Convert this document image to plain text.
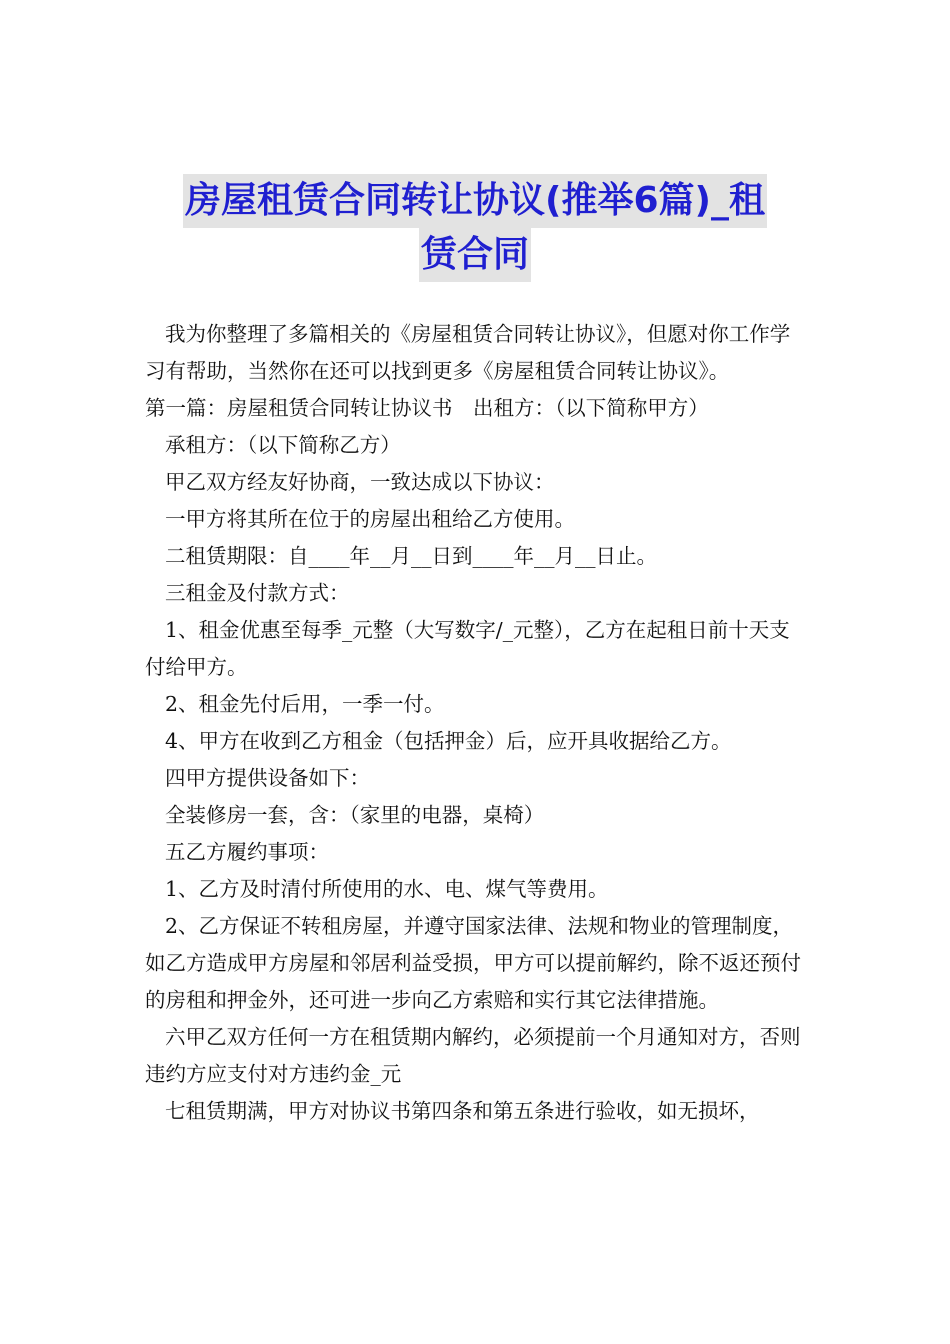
房屋租赁合同转让协议(推举6篇)_租
赁合同

我为你整理了多篇相关的《房屋租赁合同转让协议》，但愿对你工作学习有帮助，当然你在还可以找到更多《房屋租赁合同转让协议》。

第一篇：房屋租赁合同转让协议书　出租方：（以下简称甲方）

承租方：（以下简称乙方）

甲乙双方经友好协商，一致达成以下协议：

一甲方将其所在位于的房屋出租给乙方使用。

二租赁期限：自____年__月__日到____年__月__日止。

三租金及付款方式：

1、租金优惠至每季_元整（大写数字/_元整），乙方在起租日前十天支付给甲方。

2、租金先付后用，一季一付。

4、甲方在收到乙方租金（包括押金）后，应开具收据给乙方。

四甲方提供设备如下：

全装修房一套，含：（家里的电器，桌椅）

五乙方履约事项：

1、乙方及时清付所使用的水、电、煤气等费用。

2、乙方保证不转租房屋，并遵守国家法律、法规和物业的管理制度，如乙方造成甲方房屋和邻居利益受损，甲方可以提前解约，除不返还预付的房租和押金外，还可进一步向乙方索赔和实行其它法律措施。

六甲乙双方任何一方在租赁期内解约，必须提前一个月通知对方，否则违约方应支付对方违约金_元

七租赁期满，甲方对协议书第四条和第五条进行验收，如无损坏，
